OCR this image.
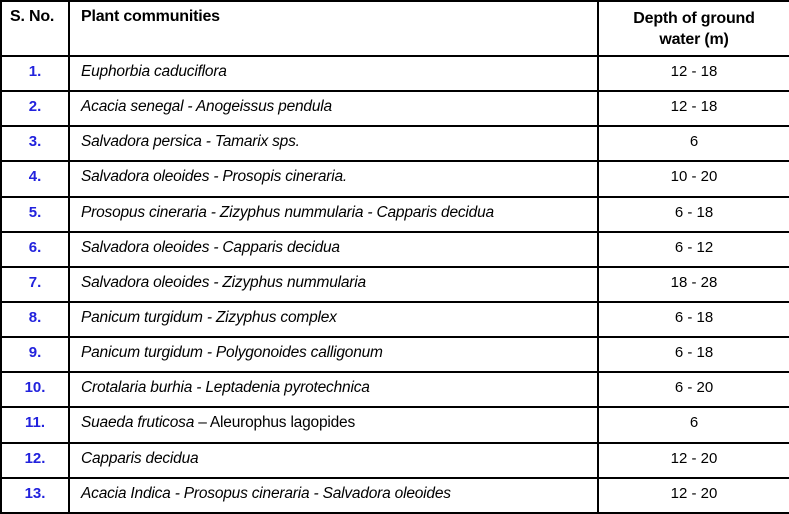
S. No.	Plant communities	Depth of ground water (m)
1.	Euphorbia caduciflora	12 - 18
2.	Acacia senegal - Anogeissus pendula	12 - 18
3.	Salvadora persica - Tamarix sps.	6
4.	Salvadora oleoides - Prosopis cineraria.	10 - 20
5.	Prosopus cineraria - Zizyphus nummularia - Capparis decidua	6 - 18
6.	Salvadora oleoides - Capparis decidua	6 - 12
7.	Salvadora oleoides - Zizyphus nummularia	18 - 28
8.	Panicum turgidum - Zizyphus complex	6 - 18
9.	Panicum turgidum - Polygonoides calligonum	6 - 18
10.	Crotalaria burhia - Leptadenia pyrotechnica	6 - 20
11.	Suaeda fruticosa – Aleurophus lagopides	6
12.	Capparis decidua	12 - 20
13.	Acacia Indica - Prosopus cineraria - Salvadora oleoides	12 - 20
